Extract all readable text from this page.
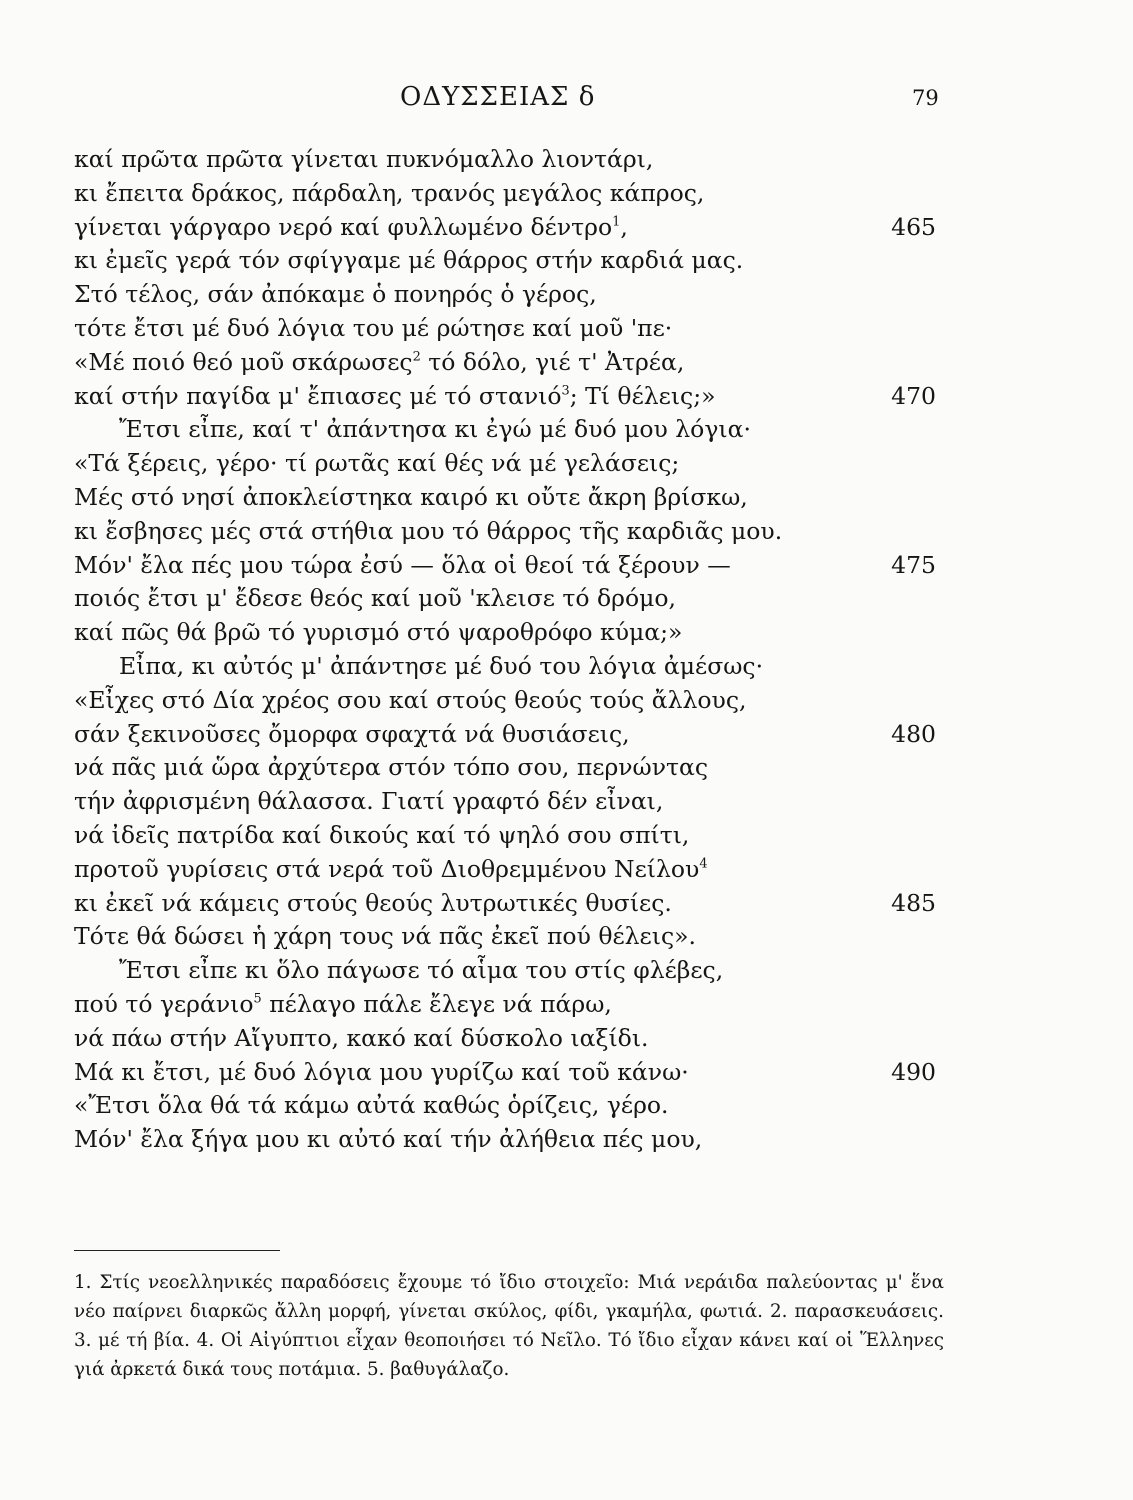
ΟΔΥΣΣΕΙΑΣ δ	79
καί πρῶτα πρῶτα γίνεται πυκνόμαλλο λιοντάρι,
κι ἔπειτα δράκος, πάρδαλη, τρανός μεγάλος κάπρος,
γίνεται γάργαρο νερό καί φυλλωμένο δέντρο$^1$,	465
κι ἐμεῖς γερά τόν σφίγγαμε μέ θάρρος στήν καρδιά μας.
Στό τέλος, σάν ἀπόκαμε ὁ πονηρός ὁ γέρος,
τότε ἔτσι μέ δυό λόγια του μέ ρώτησε καί μοῦ 'πε·
«Μέ ποιό θεό μοῦ σκάρωσες$^2$ τό δόλο, γιέ τ' Ἀτρέα,
καί στήν παγίδα μ' ἔπιασες μέ τό στανιό$^3$; Τί θέλεις;»	470
Ἔτσι εἶπε, καί τ' ἀπάντησα κι ἐγώ μέ δυό μου λόγια·
«Τά ξέρεις, γέρο· τί ρωτᾶς καί θές νά μέ γελάσεις;
Μές στό νησί ἀποκλείστηκα καιρό κι οὔτε ἄκρη βρίσκω,
κι ἔσβησες μές στά στήθια μου τό θάρρος τῆς καρδιᾶς μου.
Μόν' ἔλα πές μου τώρα ἐσύ — ὅλα οἱ θεοί τά ξέρουν —	475
ποιός ἔτσι μ' ἔδεσε θεός καί μοῦ 'κλεισε τό δρόμο,
καί πῶς θά βρῶ τό γυρισμό στό ψαροθρόφο κύμα;»
Εἶπα, κι αὐτός μ' ἀπάντησε μέ δυό του λόγια ἀμέσως·
«Εἶχες στό Δία χρέος σου καί στούς θεούς τούς ἄλλους,
σάν ξεκινοῦσες ὄμορφα σφαχτά νά θυσιάσεις,	480
νά πᾶς μιά ὥρα ἀρχύτερα στόν τόπο σου, περνώντας
τήν ἀφρισμένη θάλασσα. Γιατί γραφτό δέν εἶναι,
νά ἰδεῖς πατρίδα καί δικούς καί τό ψηλό σου σπίτι,
προτοῦ γυρίσεις στά νερά τοῦ Διοθρεμμένου Νείλου$^4$
κι ἐκεῖ νά κάμεις στούς θεούς λυτρωτικές θυσίες.	485
Τότε θά δώσει ἡ χάρη τους νά πᾶς ἐκεῖ πού θέλεις».
Ἔτσι εἶπε κι ὅλο πάγωσε τό αἷμα του στίς φλέβες,
πού τό γεράνιο$^5$ πέλαγο πάλε ἔλεγε νά πάρω,
νά πάω στήν Αἴγυπτο, κακό καί δύσκολο ιαξίδι.
Μά κι ἔτσι, μέ δυό λόγια μου γυρίζω καί τοῦ κάνω·	490
«Ἔτσι ὅλα θά τά κάμω αὐτά καθώς ὁρίζεις, γέρο.
Μόν' ἔλα ξήγα μου κι αὐτό καί τήν ἀλήθεια πές μου,
1. Στίς νεοελληνικές παραδόσεις ἔχουμε τό ἴδιο στοιχεῖο: Μιά νεράιδα παλεύοντας μ' ἕνα νέο παίρνει διαρκῶς ἄλλη μορφή, γίνεται σκύλος, φίδι, γκαμήλα, φωτιά. 2. παρασκευάσεις. 3. μέ τή βία. 4. Οἱ Αἰγύπτιοι εἶχαν θεοποιήσει τό Νεῖλο. Τό ἴδιο εἶχαν κάνει καί οἱ Ἕλληνες γιά ἀρκετά δικά τους ποτάμια. 5. βαθυγάλαζο.
